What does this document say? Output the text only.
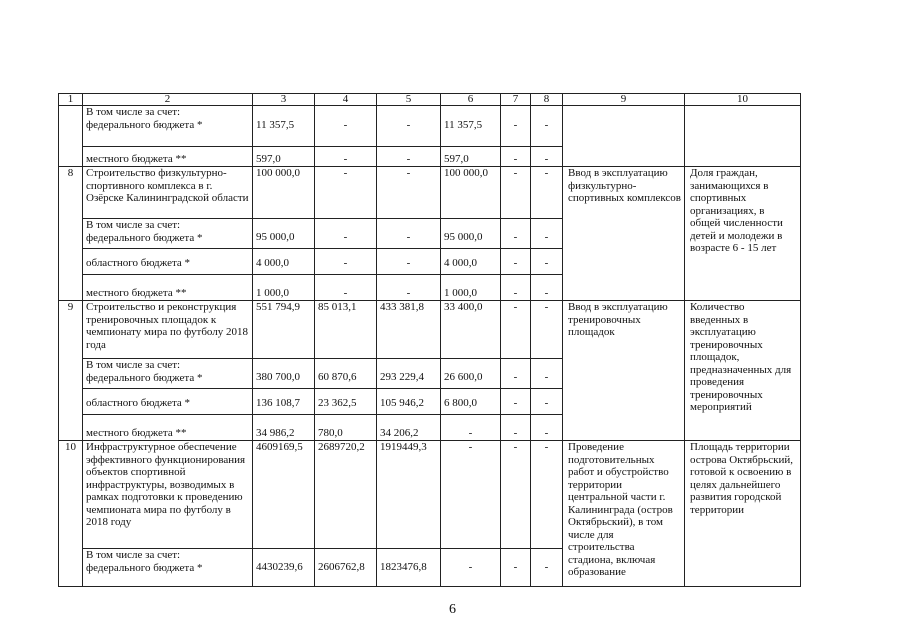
1	2	3	4	5	6	7	8	9	10

	В том числе за счет:
федерального бюджета *	11 357,5	-	-	11 357,5	-	-		
	местного бюджета **	597,0	-	-	597,0	-	-		
8	Строительство физкультурно-спортивного комплекса в г. Озёрске Калининградской области	100 000,0	-	-	100 000,0	-	-	Ввод в эксплуатацию физкультурно-спортивных комплексов	Доля граждан, занимающихся в спортивных организациях, в общей численности детей и молодежи в возрасте 6 - 15 лет

	В том числе за счет:
федерального бюджета *	95 000,0	-	-	95 000,0	-	-		
	областного бюджета *	4 000,0	-	-	4 000,0	-	-		
	местного бюджета **	1 000,0	-	-	1 000,0	-	-		
9	Строительство и реконструкция тренировочных площадок к чемпионату мира по футболу 2018 года	551 794,9	85 013,1	433 381,8	33 400,0	-	-	Ввод в эксплуатацию тренировочных площадок	Количество введенных в эксплуатацию тренировочных площадок, предназначенных для проведения тренировочных мероприятий

	В том числе за счет:
федерального бюджета *	380 700,0	60 870,6	293 229,4	26 600,0	-	-		
	областного бюджета *	136 108,7	23 362,5	105 946,2	6 800,0	-	-		
	местного бюджета **	34 986,2	780,0	34 206,2	-	-	-		
10	Инфраструктурное обеспечение эффективного функционирования объектов спортивной инфраструктуры, возводимых в рамках подготовки к проведению чемпионата мира по футболу в 2018 году	4609169,5	2689720,2	1919449,3	-	-	-	Проведение подготовительных работ и обустройство территории центральной части г. Калининграда (остров Октябрьский), в том числе для строительства стадиона, включая образование	Площадь территории острова Октябрьский, готовой к освоению в целях дальнейшего развития городской территории

	В том числе за счет:
федерального бюджета *	4430239,6	2606762,8	1823476,8	-	-	-		
6
